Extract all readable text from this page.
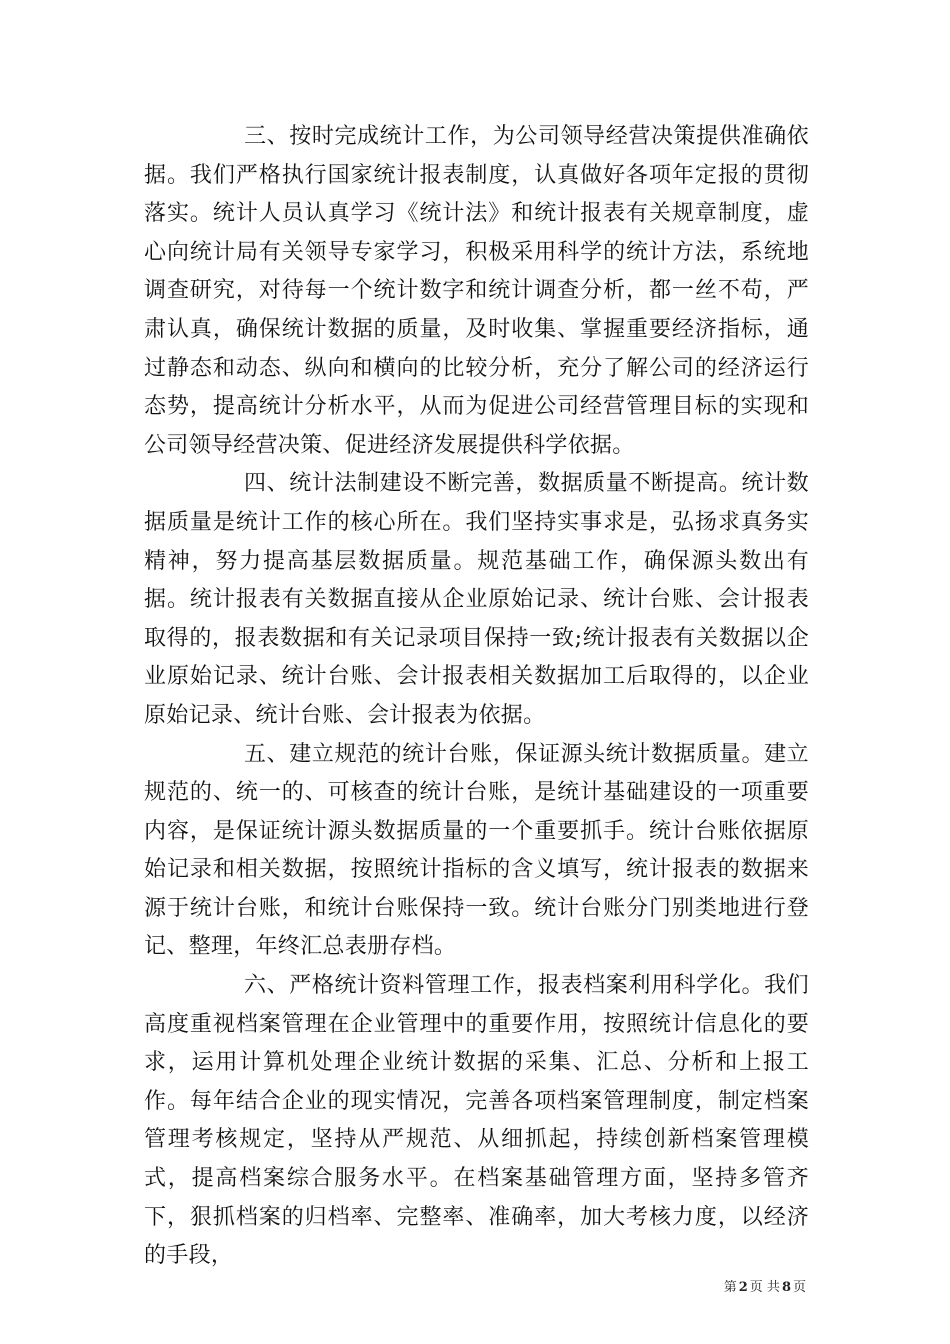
三、按时完成统计工作，为公司领导经营决策提供准确依据。我们严格执行国家统计报表制度，认真做好各项年定报的贯彻落实。统计人员认真学习《统计法》和统计报表有关规章制度，虚心向统计局有关领导专家学习，积极采用科学的统计方法，系统地调查研究，对待每一个统计数字和统计调查分析，都一丝不苟，严肃认真，确保统计数据的质量，及时收集、掌握重要经济指标，通过静态和动态、纵向和横向的比较分析，充分了解公司的经济运行态势，提高统计分析水平，从而为促进公司经营管理目标的实现和公司领导经营决策、促进经济发展提供科学依据。

四、统计法制建设不断完善，数据质量不断提高。统计数据质量是统计工作的核心所在。我们坚持实事求是，弘扬求真务实精神，努力提高基层数据质量。规范基础工作，确保源头数出有据。统计报表有关数据直接从企业原始记录、统计台账、会计报表取得的，报表数据和有关记录项目保持一致;统计报表有关数据以企业原始记录、统计台账、会计报表相关数据加工后取得的，以企业原始记录、统计台账、会计报表为依据。

五、建立规范的统计台账，保证源头统计数据质量。建立规范的、统一的、可核查的统计台账，是统计基础建设的一项重要内容，是保证统计源头数据质量的一个重要抓手。统计台账依据原始记录和相关数据，按照统计指标的含义填写，统计报表的数据来源于统计台账，和统计台账保持一致。统计台账分门别类地进行登记、整理，年终汇总表册存档。

六、严格统计资料管理工作，报表档案利用科学化。我们高度重视档案管理在企业管理中的重要作用，按照统计信息化的要求，运用计算机处理企业统计数据的采集、汇总、分析和上报工作。每年结合企业的现实情况，完善各项档案管理制度，制定档案管理考核规定，坚持从严规范、从细抓起，持续创新档案管理模式，提高档案综合服务水平。在档案基础管理方面，坚持多管齐下，狠抓档案的归档率、完整率、准确率，加大考核力度，以经济的手段，

第 2 页 共 8 页
